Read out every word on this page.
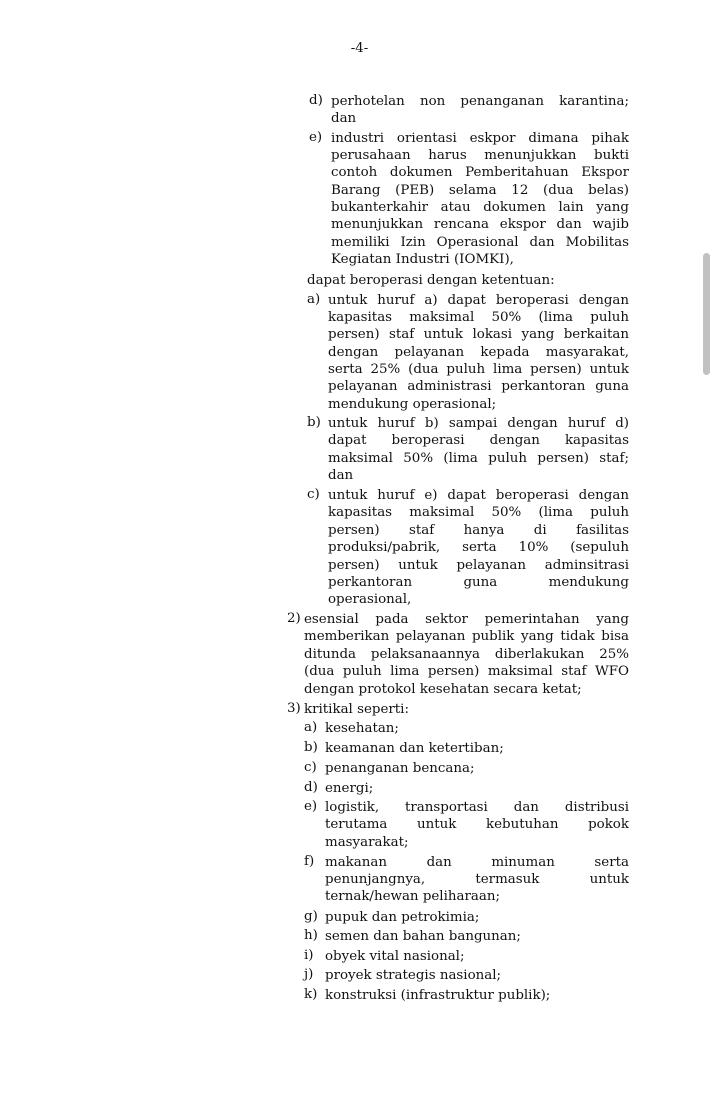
-4-
d) perhotelan non penanganan karantina;
dan
e) industri orientasi eskpor dimana pihak
perusahaan harus menunjukkan bukti
contoh dokumen Pemberitahuan Ekspor
Barang (PEB) selama 12 (dua belas)
bukanterkahir atau dokumen lain yang
menunjukkan rencana ekspor dan wajib
memiliki Izin Operasional dan Mobilitas
Kegiatan Industri (IOMKI),
dapat beroperasi dengan ketentuan:
a) untuk huruf a) dapat beroperasi dengan
kapasitas maksimal 50% (lima puluh
persen) staf untuk lokasi yang berkaitan
dengan pelayanan kepada masyarakat,
serta 25% (dua puluh lima persen) untuk
pelayanan administrasi perkantoran guna
mendukung operasional;
b) untuk huruf b) sampai dengan huruf d)
dapat beroperasi dengan kapasitas
maksimal 50% (lima puluh persen) staf;
dan
c) untuk huruf e) dapat beroperasi dengan
kapasitas maksimal 50% (lima puluh
persen) staf hanya di fasilitas
produksi/pabrik, serta 10% (sepuluh
persen) untuk pelayanan adminsitrasi
perkantoran guna mendukung
operasional,
2) esensial pada sektor pemerintahan yang
memberikan pelayanan publik yang tidak bisa
ditunda pelaksanaannya diberlakukan 25%
(dua puluh lima persen) maksimal staf WFO
dengan protokol kesehatan secara ketat;
3) kritikal seperti:
a) kesehatan;
b) keamanan dan ketertiban;
c) penanganan bencana;
d) energi;
e) logistik, transportasi dan distribusi
terutama untuk kebutuhan pokok
masyarakat;
f) makanan dan minuman serta
penunjangnya, termasuk untuk
ternak/hewan peliharaan;
g) pupuk dan petrokimia;
h) semen dan bahan bangunan;
i) obyek vital nasional;
j) proyek strategis nasional;
k) konstruksi (infrastruktur publik);
